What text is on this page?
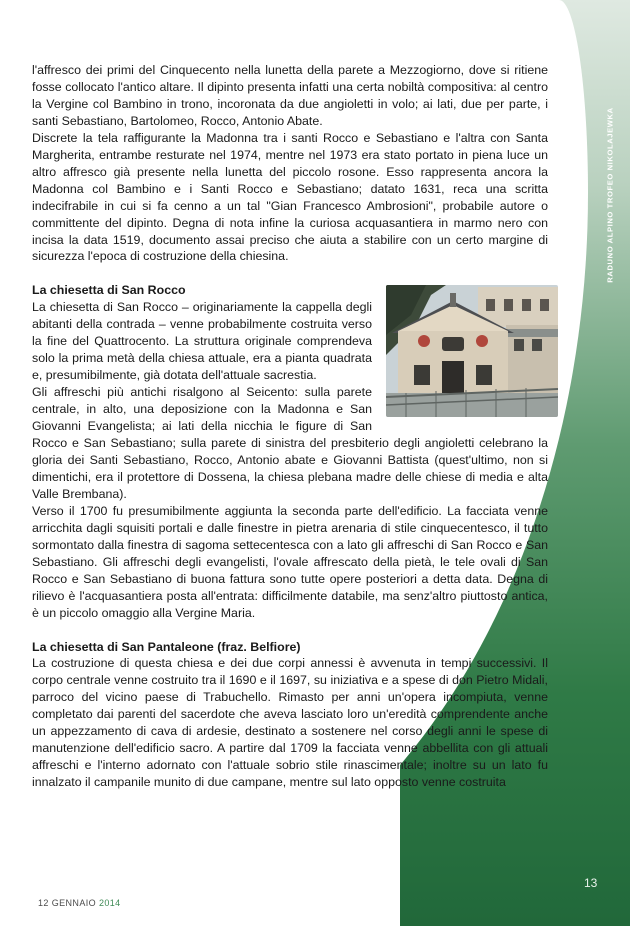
RADUNO ALPINO TROFEO NIKOLAJEWKA

l'affresco dei primi del Cinquecento nella lunetta della parete a Mezzogiorno, dove si ritiene fosse collocato l'antico altare. Il dipinto presenta infatti una certa nobiltà compositiva: al centro la Vergine col Bambino in trono, incoronata da due angioletti in volo; ai lati, due per parte, i santi Sebastiano, Bartolomeo, Rocco, Antonio Abate.

Discrete la tela raffigurante la Madonna tra i santi Rocco e Sebastiano e l'altra con Santa Margherita, entrambe resturate nel 1974, mentre nel 1973 era stato portato in piena luce un altro affresco già presente nella lunetta del piccolo rosone. Esso rappresenta ancora la Madonna col Bambino e i Santi Rocco e Sebastiano; datato 1631, reca una scritta indecifrabile in cui si fa cenno a un tal "Gian Francesco Ambrosioni", probabile autore o committente del dipinto. Degna di nota infine la curiosa acquasantiera in marmo nero con incisa la data 1519, documento assai preciso che aiuta a stabilire con un certo margine di sicurezza l'epoca di costruzione della chiesina.

La chiesetta di San Rocco

La chiesetta di San Rocco – originariamente la cappella degli abitanti della contrada – venne probabilmente costruita verso la fine del Quattrocento. La struttura originale comprendeva solo la prima metà della chiesa attuale, era a pianta quadrata e, presumibilmente, già dotata dell'attuale sacrestia.

Gli affreschi più antichi risalgono al Seicento: sulla parete centrale, in alto, una deposizione con la Madonna e San Giovanni Evangelista; ai lati della nicchia le figure di San Rocco e San Sebastiano; sulla parete di sinistra del presbiterio degli angioletti celebrano la gloria dei Santi Sebastiano, Rocco, Antonio abate e Giovanni Battista (quest'ultimo, non si dimentichi, era il protettore di Dossena, la chiesa plebana madre delle chiese di media e alta Valle Brembana).

Verso il 1700 fu presumibilmente aggiunta la seconda parte dell'edificio. La facciata venne arricchita dagli squisiti portali e dalle finestre in pietra arenaria di stile cinquecentesco, il tutto sormontato dalla finestra di sagoma settecentesca con a lato gli affreschi di San Rocco e San Sebastiano. Gli affreschi degli evangelisti, l'ovale affrescato della pietà, le tele ovali di San Rocco e San Sebastiano di buona fattura sono tutte opere posteriori a detta data. Degna di rilievo è l'acquasantiera posta all'entrata: difficilmente databile, ma senz'altro piuttosto antica, è un piccolo omaggio alla Vergine Maria.

La chiesetta di San Pantaleone (fraz. Belfiore)

La costruzione di questa chiesa e dei due corpi annessi è avvenuta in tempi successivi. Il corpo centrale venne costruito tra il 1690 e il 1697, su iniziativa e a spese di don Pietro Midali, parroco del vicino paese di Trabuchello. Rimasto per anni un'opera incompiuta, venne completato dai parenti del sacerdote che aveva lasciato loro un'eredità comprendente anche un appezzamento di cava di ardesie, destinato a sostenere nel corso degli anni le spese di manutenzione dell'edificio sacro. A partire dal 1709 la facciata venne abbellita con gli attuali affreschi e l'interno adornato con l'attuale sobrio stile rinascimentale; inoltre su un lato fu innalzato il campanile munito di due campane, mentre sul lato opposto venne costruita

13
12 GENNAIO 2014
